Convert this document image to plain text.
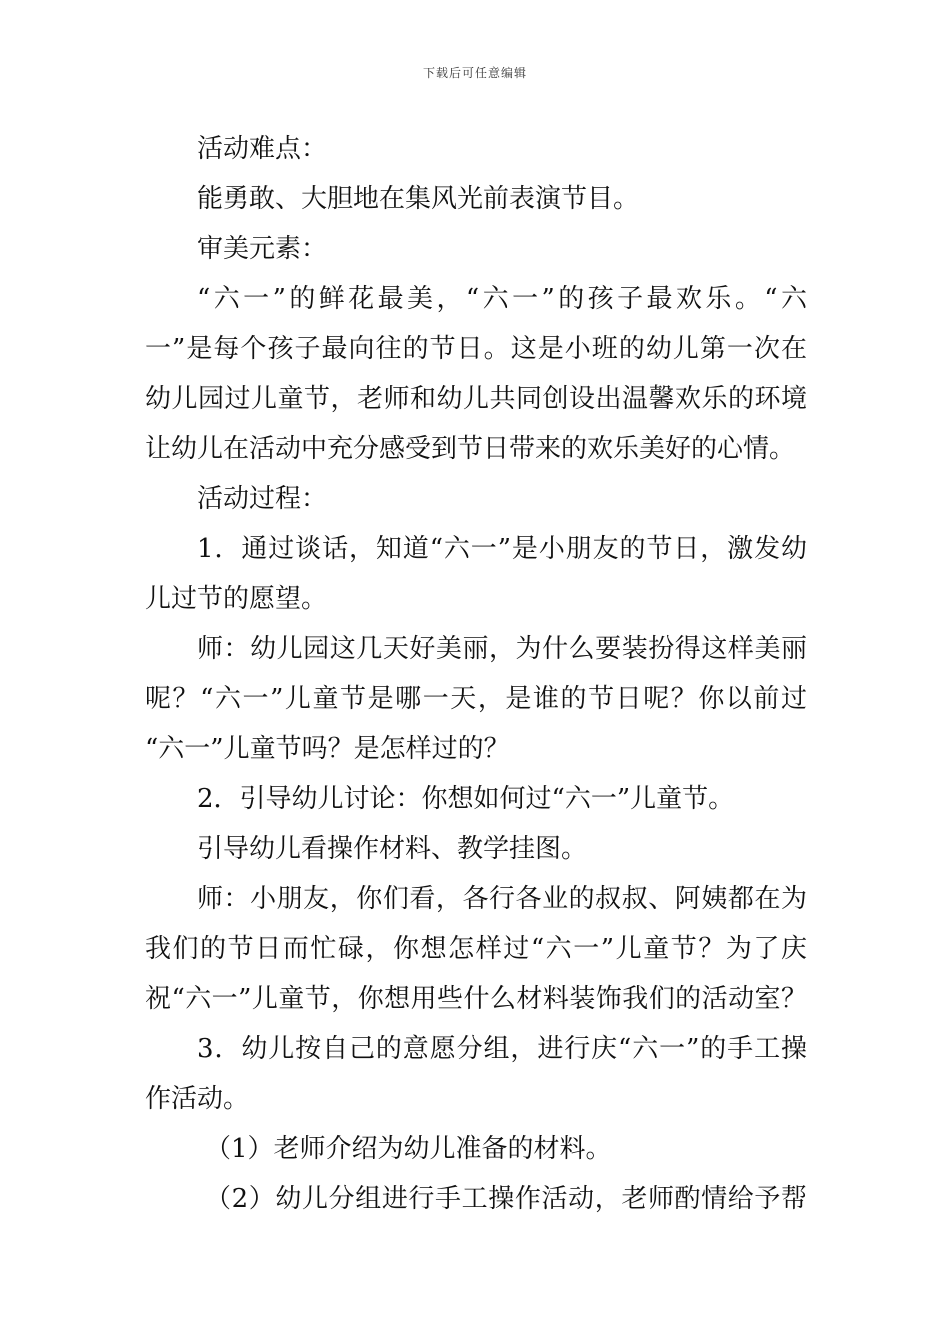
下载后可任意编辑
活动难点：
能勇敢、大胆地在集风光前表演节目。
审美元素：
“六一”的鲜花最美，“六一”的孩子最欢乐。“六
一”是每个孩子最向往的节日。这是小班的幼儿第一次在
幼儿园过儿童节，老师和幼儿共同创设出温馨欢乐的环境
让幼儿在活动中充分感受到节日带来的欢乐美好的心情。
活动过程：
1．通过谈话，知道“六一”是小朋友的节日，激发幼
儿过节的愿望。
师：幼儿园这几天好美丽，为什么要装扮得这样美丽
呢？“六一”儿童节是哪一天，是谁的节日呢？你以前过
“六一”儿童节吗？是怎样过的？
2．引导幼儿讨论：你想如何过“六一”儿童节。
引导幼儿看操作材料、教学挂图。
师：小朋友，你们看，各行各业的叔叔、阿姨都在为
我们的节日而忙碌，你想怎样过“六一”儿童节？为了庆
祝“六一”儿童节，你想用些什么材料装饰我们的活动室？
3．幼儿按自己的意愿分组，进行庆“六一”的手工操
作活动。
（1）老师介绍为幼儿准备的材料。
（2）幼儿分组进行手工操作活动，老师酌情给予帮
